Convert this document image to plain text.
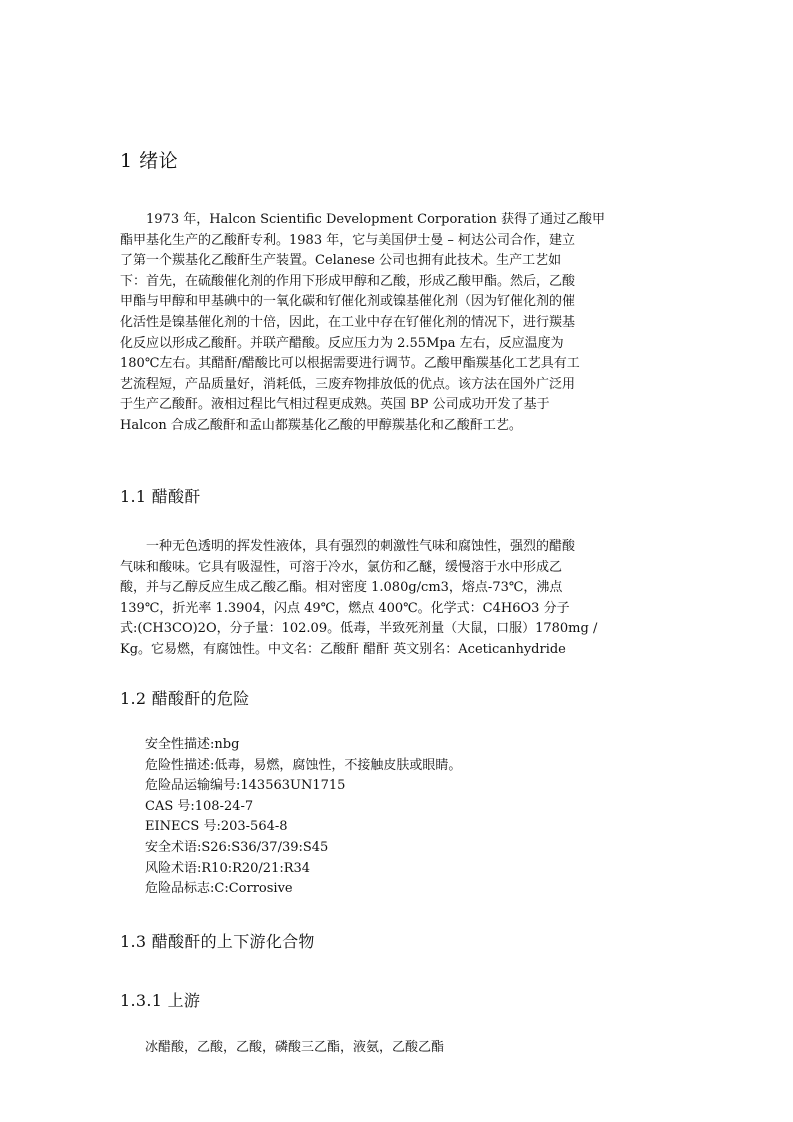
1 绪论
　　1973 年，Halcon Scientific Development Corporation 获得了通过乙酸甲
酯甲基化生产的乙酸酐专利。1983 年，它与美国伊士曼 – 柯达公司合作，建立
了第一个羰基化乙酸酐生产装置。Celanese 公司也拥有此技术。生产工艺如
下：首先，在硫酸催化剂的作用下形成甲醇和乙酸，形成乙酸甲酯。然后，乙酸
甲酯与甲醇和甲基碘中的一氧化碳和钌催化剂或镍基催化剂（因为钌催化剂的催
化活性是镍基催化剂的十倍，因此，在工业中存在钌催化剂的情况下，进行羰基
化反应以形成乙酸酐。并联产醋酸。反应压力为 2.55Mpa 左右，反应温度为
180℃左右。其醋酐/醋酸比可以根据需要进行调节。乙酸甲酯羰基化工艺具有工
艺流程短，产品质量好，消耗低，三废弃物排放低的优点。该方法在国外广泛用
于生产乙酸酐。液相过程比气相过程更成熟。英国 BP 公司成功开发了基于
Halcon 合成乙酸酐和孟山都羰基化乙酸的甲醇羰基化和乙酸酐工艺。
1.1 醋酸酐
　　一种无色透明的挥发性液体，具有强烈的刺激性气味和腐蚀性，强烈的醋酸
气味和酸味。它具有吸湿性，可溶于冷水，氯仿和乙醚，缓慢溶于水中形成乙
酸，并与乙醇反应生成乙酸乙酯。相对密度 1.080g/cm3，熔点-73℃，沸点
139℃，折光率 1.3904，闪点 49℃，燃点 400℃。化学式：C4H6O3 分子
式:(CH3CO)2O，分子量：102.09。低毒，半致死剂量（大鼠，口服）1780mg /
Kg。它易燃，有腐蚀性。中文名：乙酸酐 醋酐 英文别名：Aceticanhydride
1.2 醋酸酐的危险
安全性描述:nbg
危险性描述:低毒，易燃，腐蚀性，不接触皮肤或眼睛。
危险品运输编号:143563UN1715
CAS 号:108-24-7
EINECS 号:203-564-8
安全术语:S26:S36/37/39:S45
风险术语:R10:R20/21:R34
危险品标志:C:Corrosive
1.3 醋酸酐的上下游化合物
1.3.1 上游
冰醋酸，乙酸，乙酸，磷酸三乙酯，液氨，乙酸乙酯
